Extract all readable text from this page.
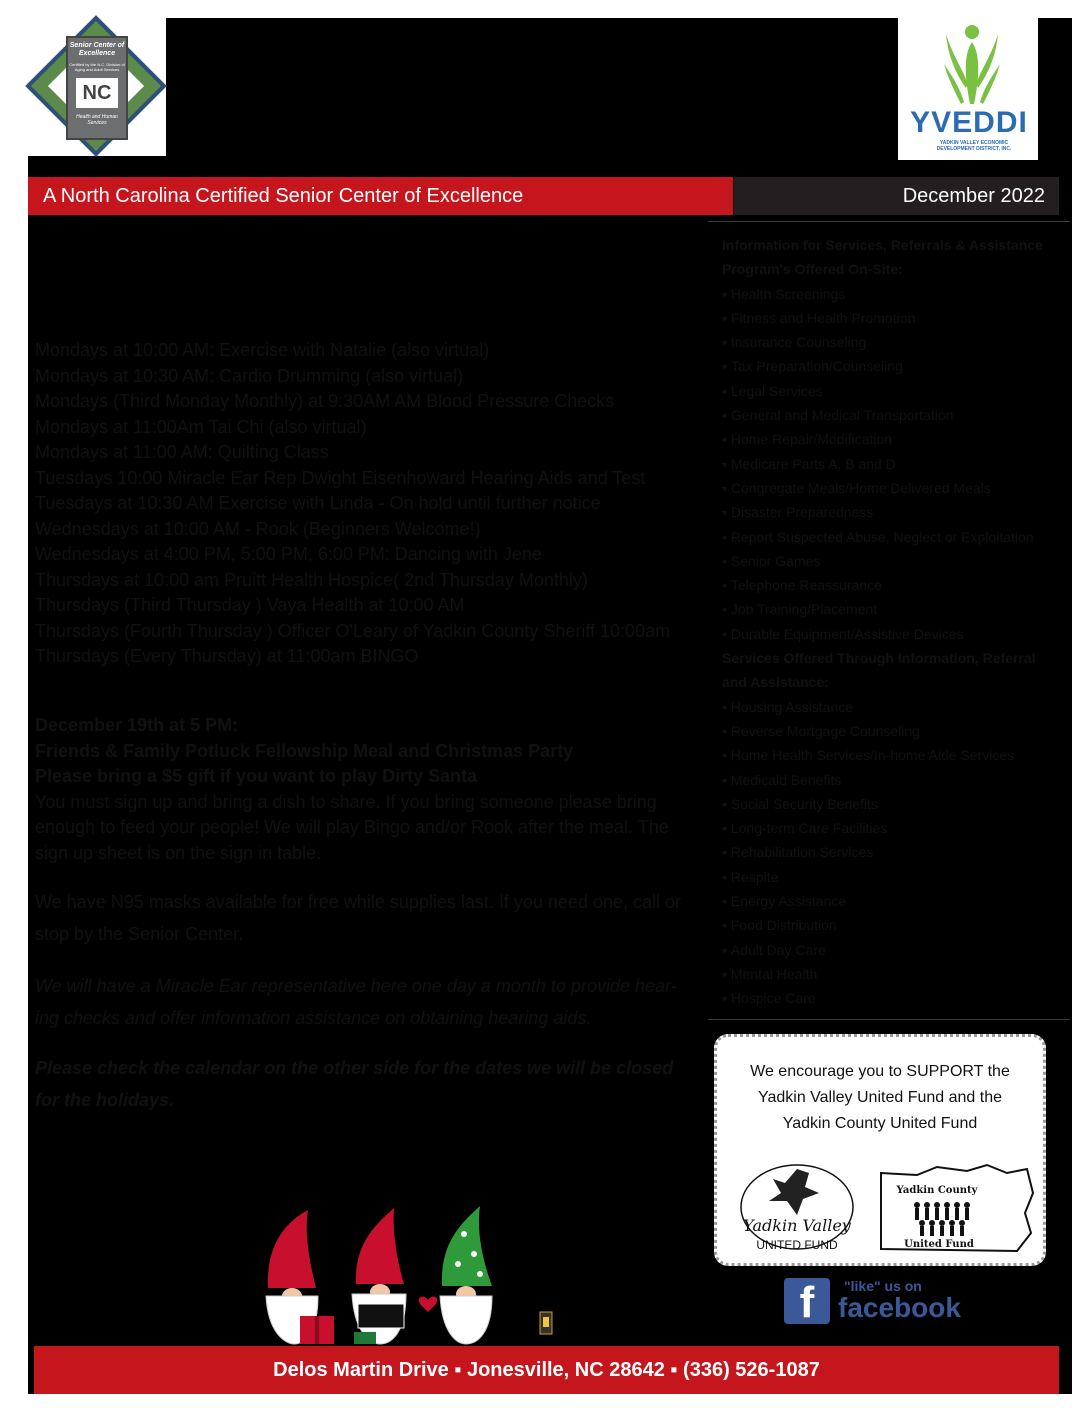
Senior Center of Excellence
Certified by the N.C. Division of Aging and Adult Services
NC
Health and Human Services	YVEDDI
YADKIN VALLEY ECONOMIC DEVELOPMENT DISTRICT, INC.
A North Carolina Certified Senior Center of Excellence	December 2022
Mondays at 10:00 AM: Exercise with Natalie (also virtual)
Mondays at 10:30 AM: Cardio Drumming (also virtual)
Mondays (Third Monday Monthly) at 9:30AM AM Blood Pressure Checks
Mondays at 11:00Am Tai Chi (also virtual)
Mondays at 11:00 AM: Quilting Class
Tuesdays 10:00 Miracle Ear Rep Dwight Eisenhoward Hearing Aids and Test
Tuesdays at 10:30 AM Exercise with Linda - On hold until further notice
Wednesdays at 10:00 AM - Rook (Beginners Welcome!)
Wednesdays at 4:00 PM, 5:00 PM, 6:00 PM: Dancing with Jene
Thursdays at 10:00 am Pruitt Health Hospice( 2nd Thursday Monthly)
Thursdays (Third Thursday ) Vaya Health at 10:00 AM
Thursdays (Fourth Thursday ) Officer O'Leary of Yadkin County Sheriff 10:00am
Thursdays (Every Thursday) at 11:00am BINGO
December 19th at 5 PM:
Friends & Family Potluck Fellowship Meal and Christmas Party
Please bring a $5 gift if you want to play Dirty Santa
You must sign up and bring a dish to share. If you bring someone please bring enough to feed your people! We will play Bingo and/or Rook after the meal. The sign up sheet is on the sign in table.
We have N95 masks available for free while supplies last. If you need one, call or stop by the Senior Center.
We will have a Miracle Ear representative here one day a month to provide hear-ing checks and offer information assistance on obtaining hearing aids.
Please check the calendar on the other side for the dates we will be closed for the holidays.
Information for Services, Referrals & Assistance
Program's Offered On-Site:
▪ Health Screenings
▪ Fitness and Health Promotion
▪ Insurance Counseling
▪ Tax Preparation/Counseling
▪ Legal Services
▪ General and Medical Transportation
▪ Home Repair/Modification
▪ Medicare Parts A, B and D
▪ Congregate Meals/Home Delivered Meals
▪ Disaster Preparedness
▪ Report Suspected Abuse, Neglect or Exploitation
▪ Senior Games
▪ Telephone Reassurance
▪ Job Training/Placement
▪ Durable Equipment/Assistive Devices
Services Offered Through Information, Referral
and Assistance:
▪ Housing Assistance
▪ Reverse Mortgage Counseling
▪ Home Health Services/In-home Aide Services
▪ Medicaid Benefits
▪ Social Security Benefits
▪ Long-term Care Facilities
▪ Rehabilitation Services
▪ Respite
▪ Energy Assistance
▪ Food Distribution
▪ Adult Day Care
▪ Mental Health
▪ Hospice Care
We encourage you to SUPPORT the
Yadkin Valley United Fund and the
Yadkin County United Fund
Yadkin Valley
UNITED FUND
Yadkin County
United Fund
f	"like" us on
facebook
Delos Martin Drive ▪ Jonesville, NC 28642 ▪ (336) 526-1087
